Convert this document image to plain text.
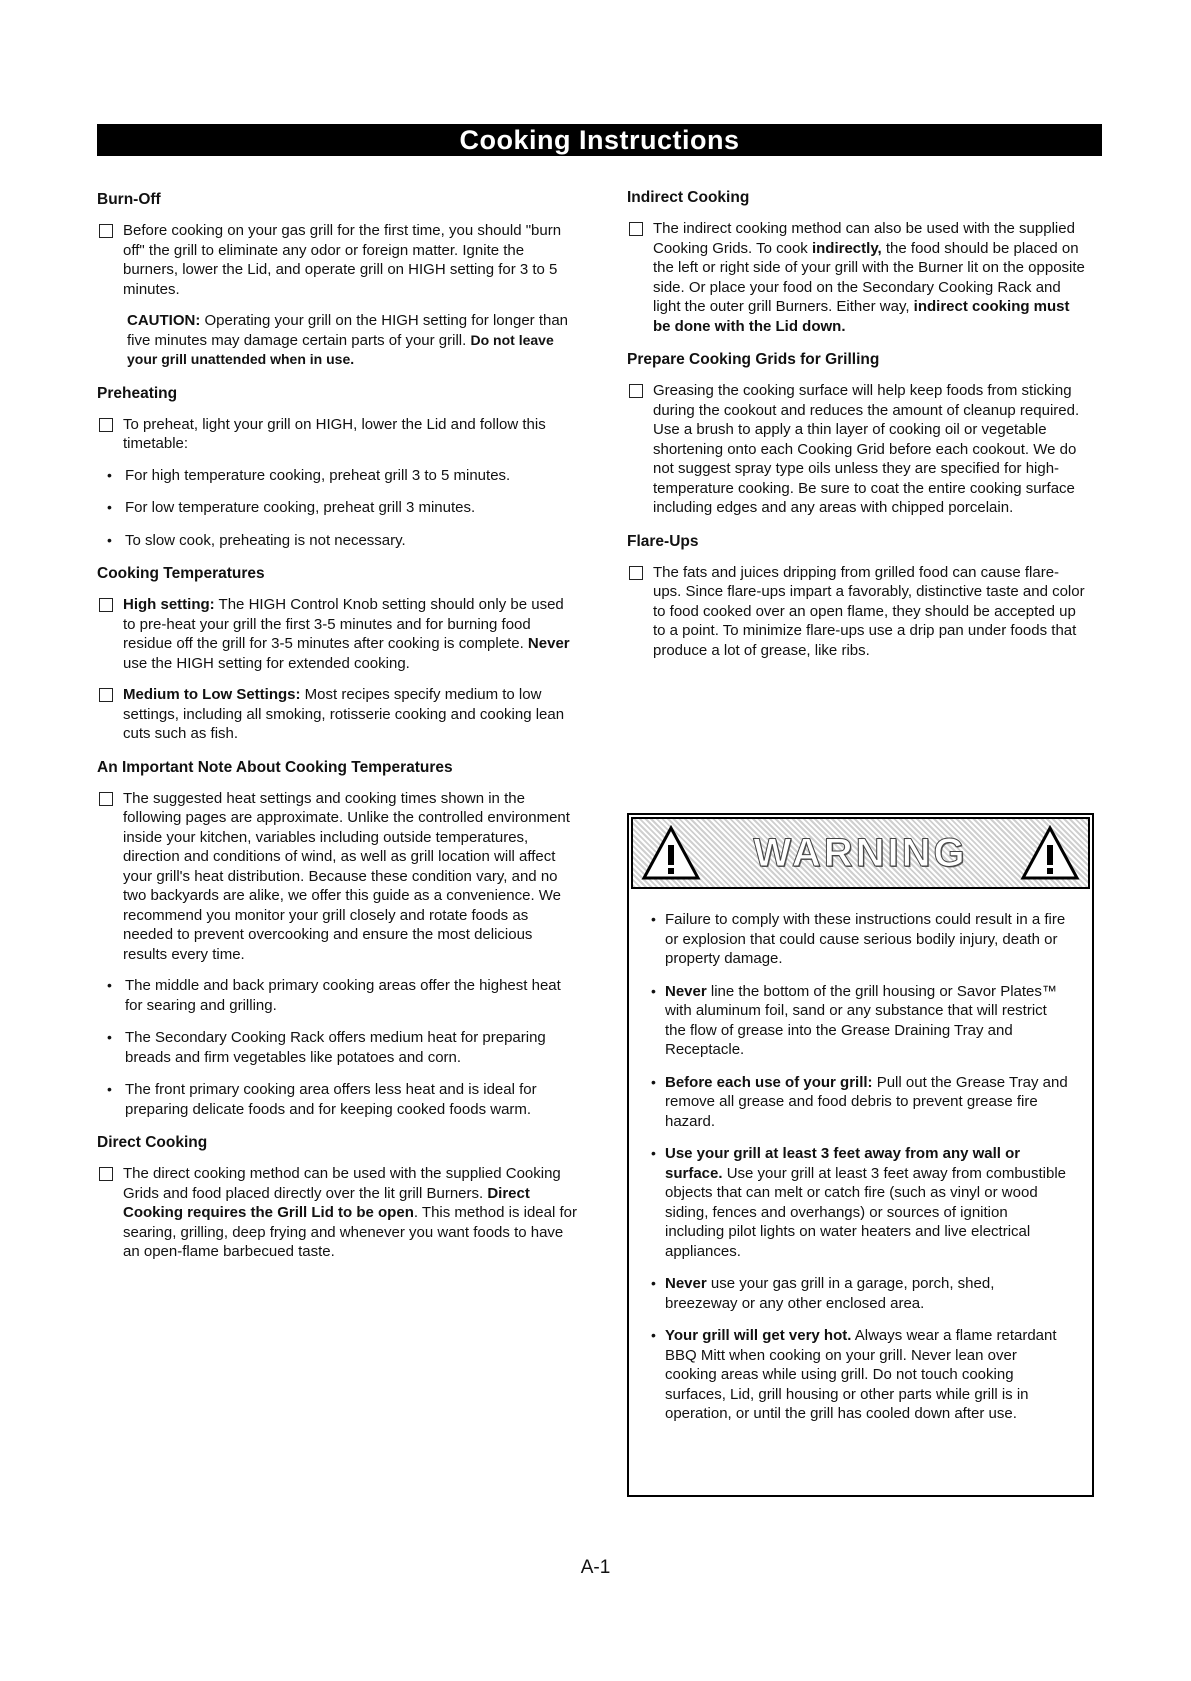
Cooking Instructions
Burn-Off
Before cooking on your gas grill for the first time, you should "burn off" the grill to eliminate any odor or foreign matter. Ignite the burners, lower the Lid, and operate grill on HIGH setting for 3 to 5 minutes.
CAUTION: Operating your grill on the HIGH setting for longer than five minutes may damage certain parts of your grill. Do not leave your grill unattended when in use.
Preheating
To preheat, light your grill on HIGH, lower the Lid and follow this timetable:
• For high temperature cooking, preheat grill 3 to 5 minutes.
• For low temperature cooking, preheat grill 3 minutes.
• To slow cook, preheating is not necessary.
Cooking Temperatures
High setting: The HIGH Control Knob setting should only be used to pre-heat your grill the first 3-5 minutes and for burning food residue off the grill for 3-5 minutes after cooking is complete. Never use the HIGH setting for extended cooking.
Medium to Low Settings: Most recipes specify medium to low settings, including all smoking, rotisserie cooking and cooking lean cuts such as fish.
An Important Note About Cooking Temperatures
The suggested heat settings and cooking times shown in the following pages are approximate. Unlike the controlled environment inside your kitchen, variables including outside temperatures, direction and conditions of wind, as well as grill location will affect your grill's heat distribution. Because these condition vary, and no two backyards are alike, we offer this guide as a convenience. We recommend you monitor your grill closely and rotate foods as needed to prevent overcooking and ensure the most delicious results every time.
• The middle and back primary cooking areas offer the highest heat for searing and grilling.
• The Secondary Cooking Rack offers medium heat for preparing breads and firm vegetables like potatoes and corn.
• The front primary cooking area offers less heat and is ideal for preparing delicate foods and for keeping cooked foods warm.
Direct Cooking
The direct cooking method can be used with the supplied Cooking Grids and food placed directly over the lit grill Burners. Direct Cooking requires the Grill Lid to be open. This method is ideal for searing, grilling, deep frying and whenever you want foods to have an open-flame barbecued taste.
Indirect Cooking
The indirect cooking method can also be used with the supplied Cooking Grids. To cook indirectly, the food should be placed on the left or right side of your grill with the Burner lit on the opposite side. Or place your food on the Secondary Cooking Rack and light the outer grill Burners. Either way, indirect cooking must be done with the Lid down.
Prepare Cooking Grids for Grilling
Greasing the cooking surface will help keep foods from sticking during the cookout and reduces the amount of cleanup required. Use a brush to apply a thin layer of cooking oil or vegetable shortening onto each Cooking Grid before each cookout. We do not suggest spray type oils unless they are specified for high-temperature cooking. Be sure to coat the entire cooking surface including edges and any areas with chipped porcelain.
Flare-Ups
The fats and juices dripping from grilled food can cause flare-ups. Since flare-ups impart a favorably, distinctive taste and color to food cooked over an open flame, they should be accepted up to a point. To minimize flare-ups use a drip pan under foods that produce a lot of grease, like ribs.
WARNING
• Failure to comply with these instructions could result in a fire or explosion that could cause serious bodily injury, death or property damage.
• Never line the bottom of the grill housing or Savor Plates™ with aluminum foil, sand or any substance that will restrict the flow of grease into the Grease Draining Tray and Receptacle.
• Before each use of your grill: Pull out the Grease Tray and remove all grease and food debris to prevent grease fire hazard.
• Use your grill at least 3 feet away from any wall or surface. Use your grill at least 3 feet away from combustible objects that can melt or catch fire (such as vinyl or wood siding, fences and overhangs) or sources of ignition including pilot lights on water heaters and live electrical appliances.
• Never use your gas grill in a garage, porch, shed, breezeway or any other enclosed area.
• Your grill will get very hot. Always wear a flame retardant BBQ Mitt when cooking on your grill. Never lean over cooking areas while using grill. Do not touch cooking surfaces, Lid, grill housing or other parts while grill is in operation, or until the grill has cooled down after use.
A-1
